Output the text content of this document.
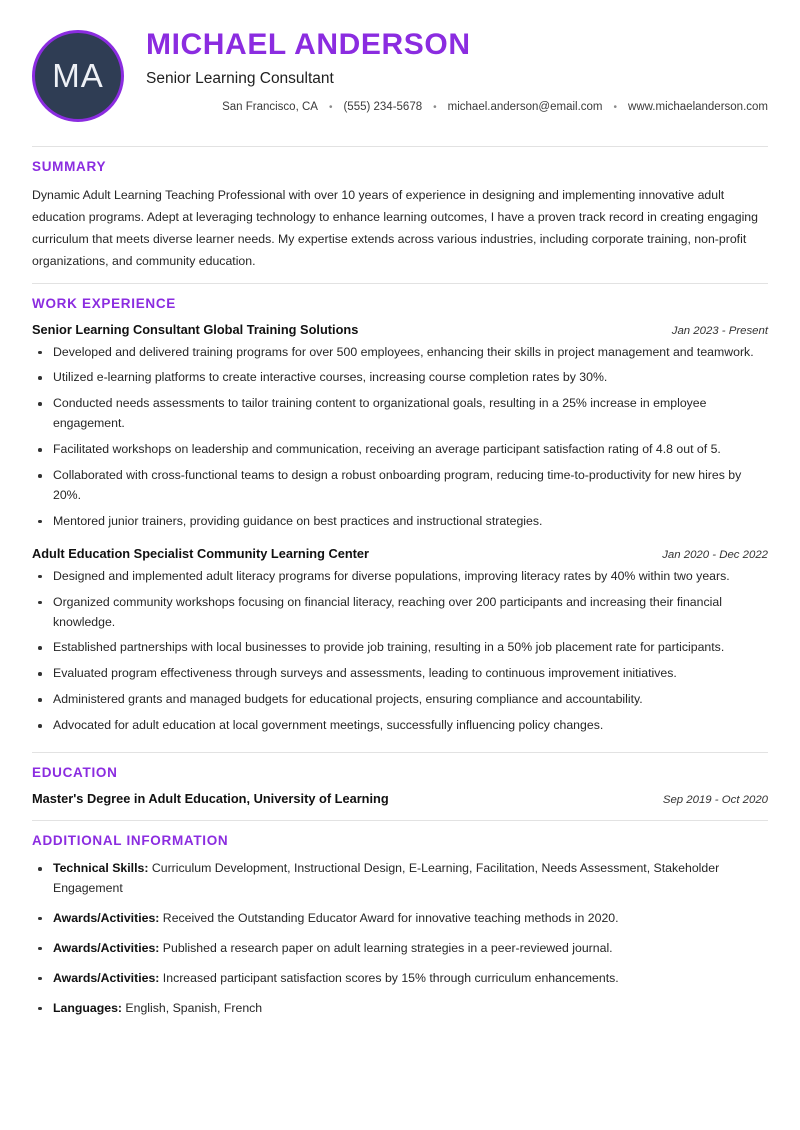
MA
MICHAEL ANDERSON
Senior Learning Consultant
San Francisco, CA	• (555) 234-5678	• michael.anderson@email.com	• www.michaelanderson.com
SUMMARY
Dynamic Adult Learning Teaching Professional with over 10 years of experience in designing and implementing innovative adult education programs. Adept at leveraging technology to enhance learning outcomes, I have a proven track record in creating engaging curriculum that meets diverse learner needs. My expertise extends across various industries, including corporate training, non-profit organizations, and community education.
WORK EXPERIENCE
Senior Learning Consultant Global Training Solutions	Jan 2023 - Present
Developed and delivered training programs for over 500 employees, enhancing their skills in project management and teamwork.
Utilized e-learning platforms to create interactive courses, increasing course completion rates by 30%.
Conducted needs assessments to tailor training content to organizational goals, resulting in a 25% increase in employee engagement.
Facilitated workshops on leadership and communication, receiving an average participant satisfaction rating of 4.8 out of 5.
Collaborated with cross-functional teams to design a robust onboarding program, reducing time-to-productivity for new hires by 20%.
Mentored junior trainers, providing guidance on best practices and instructional strategies.
Adult Education Specialist Community Learning Center	Jan 2020 - Dec 2022
Designed and implemented adult literacy programs for diverse populations, improving literacy rates by 40% within two years.
Organized community workshops focusing on financial literacy, reaching over 200 participants and increasing their financial knowledge.
Established partnerships with local businesses to provide job training, resulting in a 50% job placement rate for participants.
Evaluated program effectiveness through surveys and assessments, leading to continuous improvement initiatives.
Administered grants and managed budgets for educational projects, ensuring compliance and accountability.
Advocated for adult education at local government meetings, successfully influencing policy changes.
EDUCATION
Master's Degree in Adult Education, University of Learning	Sep 2019 - Oct 2020
ADDITIONAL INFORMATION
Technical Skills: Curriculum Development, Instructional Design, E-Learning, Facilitation, Needs Assessment, Stakeholder Engagement
Awards/Activities: Received the Outstanding Educator Award for innovative teaching methods in 2020.
Awards/Activities: Published a research paper on adult learning strategies in a peer-reviewed journal.
Awards/Activities: Increased participant satisfaction scores by 15% through curriculum enhancements.
Languages: English, Spanish, French
